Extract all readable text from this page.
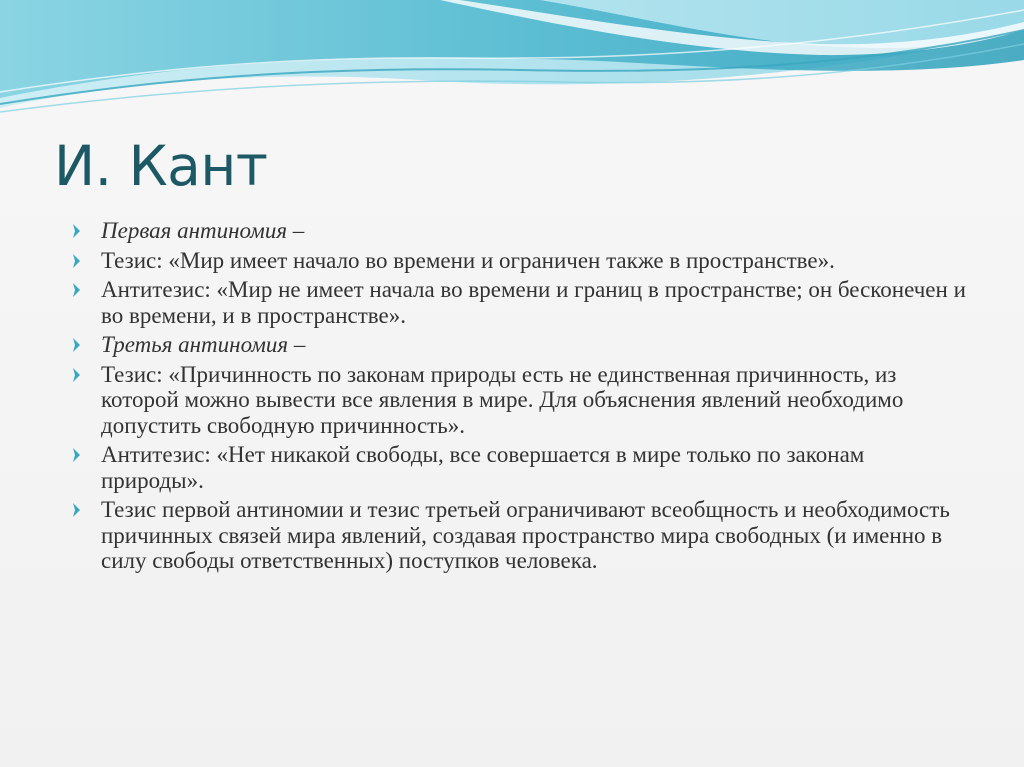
И. Кант
Первая антиномия –
Тезис: «Мир имеет начало во времени и ограничен также в пространстве».
Антитезис: «Мир не имеет начала во времени и границ в пространстве; он бесконечен и во времени, и в пространстве».
Третья антиномия –
Тезис: «Причинность по законам природы есть не единственная причинность, из которой можно вывести все явления в мире. Для объяснения явлений необходимо допустить свободную причинность».
Антитезис: «Нет никакой свободы, все совершается в мире только по законам природы».
Тезис первой антиномии и тезис третьей ограничивают всеобщность и необходимость причинных связей мира явлений, создавая пространство мира свободных (и именно в силу свободы ответственных) поступков человека.
